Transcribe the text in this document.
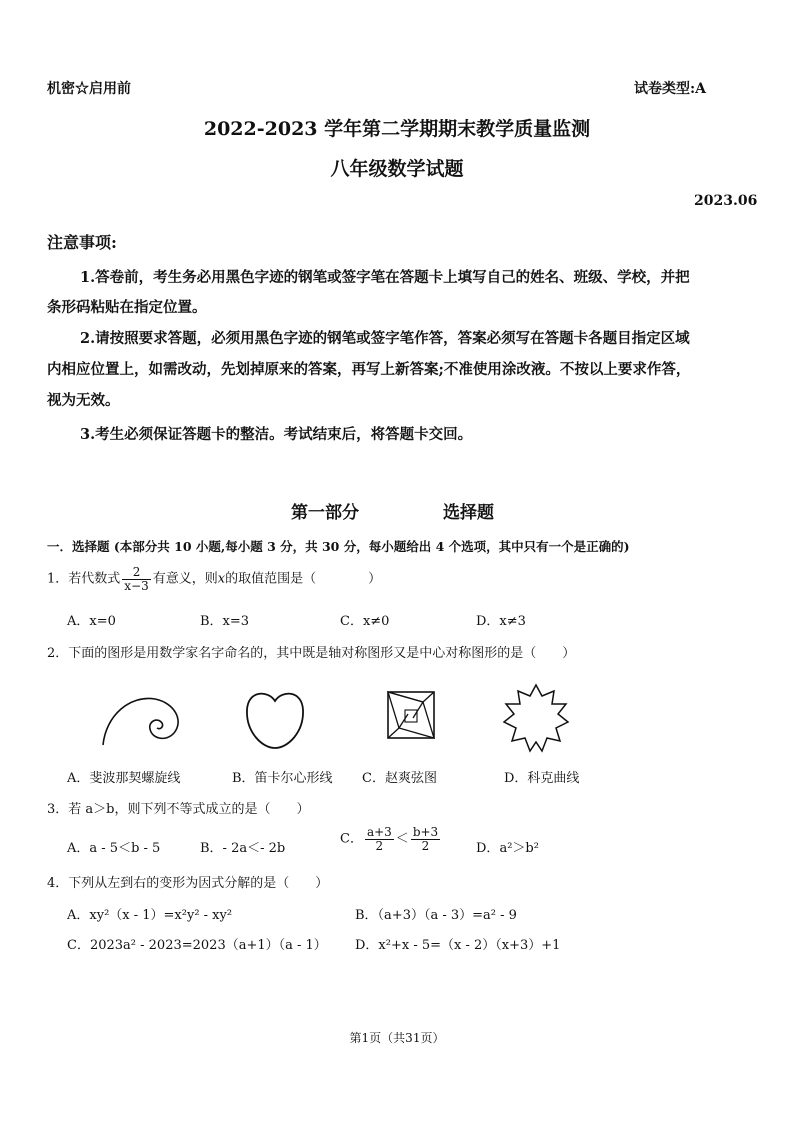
机密☆启用前	试卷类型:A
2022-2023 学年第二学期期末教学质量监测
八年级数学试题
2023.06
注意事项:
1.答卷前，考生务必用黑色字迹的钢笔或签字笔在答题卡上填写自己的姓名、班级、学校，并把
条形码粘贴在指定位置。
2.请按照要求答题，必须用黑色字迹的钢笔或签字笔作答，答案必须写在答题卡各题目指定区域
内相应位置上，如需改动，先划掉原来的答案，再写上新答案;不准使用涂改液。不按以上要求作答，
视为无效。
3.考生必须保证答题卡的整洁。考试结束后，将答题卡交回。
第一部分	选择题
一．选择题 (本部分共 10 小题,每小题 3 分，共 30 分，每小题给出 4 个选项，其中只有一个是正确的)
1．若代数式 $\frac{2}{x-3}$ 有意义，则x的取值范围是（　　　　）
A．x=0	B．x=3	C．x≠0	D．x≠3
2．下面的图形是用数学家名字命名的，其中既是轴对称图形又是中心对称图形的是（　　）
A．斐波那契螺旋线	B．笛卡尔心形线 C．赵爽弦图	D．科克曲线
3．若 a＞b，则下列不等式成立的是（　　）
A．a - 5＜b - 5	B．- 2a＜- 2b
C． $\frac{a+3}{2} < \frac{b+3}{2}$	D．a²＞b²
4．下列从左到右的变形为因式分解的是（　　）
A．xy²（x - 1）=x²y² - xy²	B．（a+3）（a - 3）=a² - 9
C．2023a² - 2023=2023（a+1）（a - 1） D．x²+x - 5=（x - 2）（x+3）+1
第1页（共31页）
